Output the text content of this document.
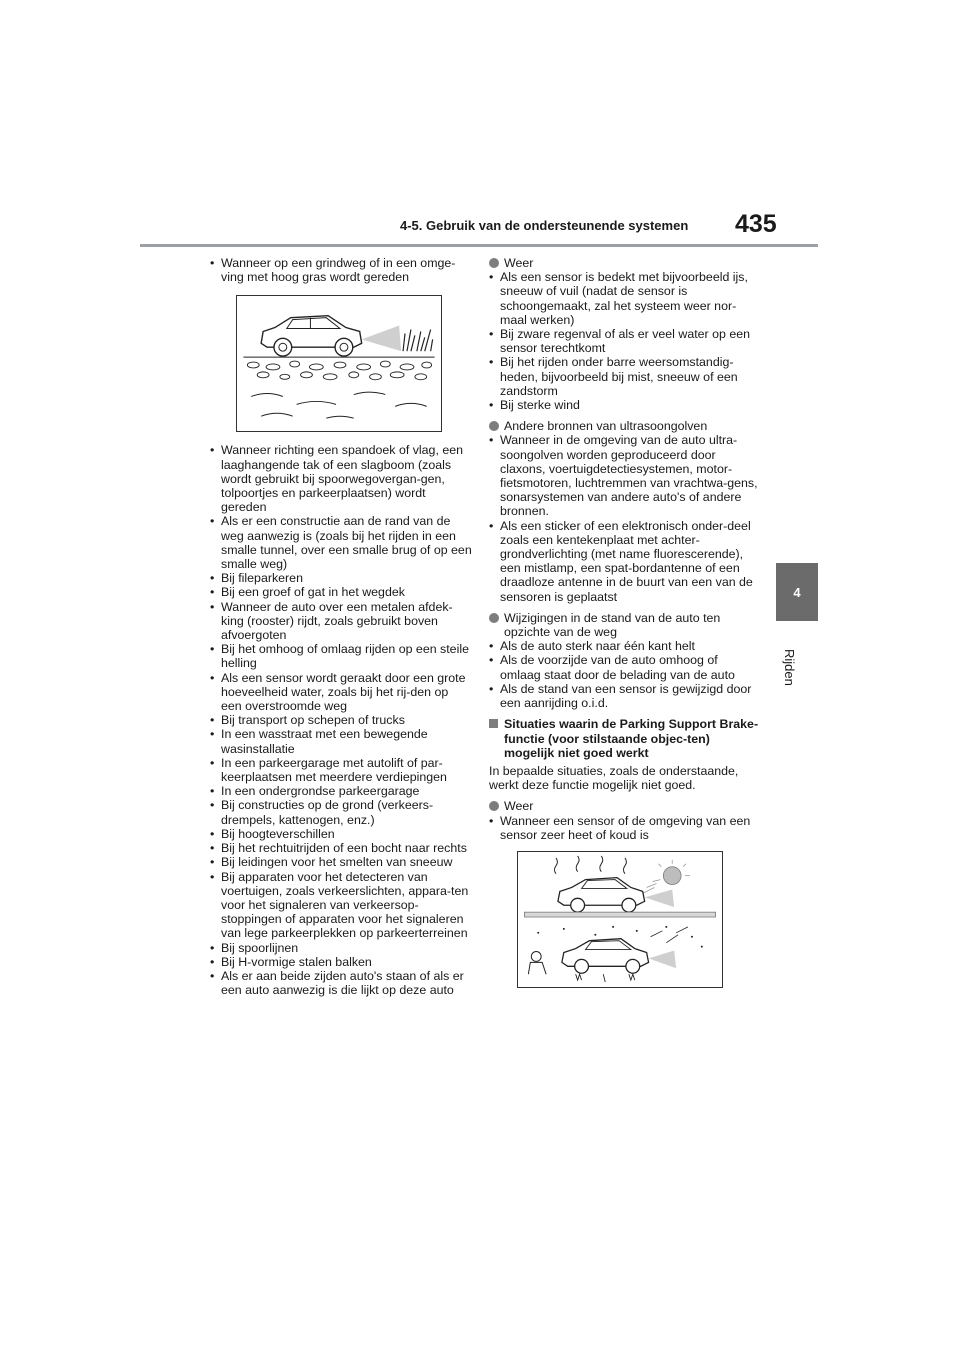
4-5. Gebruik van de ondersteunende systemen 435
4
Rijden
• Wanneer op een grindweg of in een omge-ving met hoog gras wordt gereden
• Wanneer richting een spandoek of vlag, een laaghangende tak of een slagboom (zoals wordt gebruikt bij spoorwegovergan-gen, tolpoortjes en parkeerplaatsen) wordt gereden
• Als er een constructie aan de rand van de weg aanwezig is (zoals bij het rijden in een smalle tunnel, over een smalle brug of op een smalle weg)
• Bij fileparkeren
• Bij een groef of gat in het wegdek
• Wanneer de auto over een metalen afdek-king (rooster) rijdt, zoals gebruikt boven afvoergoten
• Bij het omhoog of omlaag rijden op een steile helling
• Als een sensor wordt geraakt door een grote hoeveelheid water, zoals bij het rij-den op een overstroomde weg
• Bij transport op schepen of trucks
• In een wasstraat met een bewegende wasinstallatie
• In een parkeergarage met autolift of par-keerplaatsen met meerdere verdiepingen
• In een ondergrondse parkeergarage
• Bij constructies op de grond (verkeers-drempels, kattenogen, enz.)
• Bij hoogteverschillen
• Bij het rechtuitrijden of een bocht naar rechts
• Bij leidingen voor het smelten van sneeuw
• Bij apparaten voor het detecteren van voertuigen, zoals verkeerslichten, appara-ten voor het signaleren van verkeersop-stoppingen of apparaten voor het signaleren van lege parkeerplekken op parkeerterreinen
• Bij spoorlijnen
• Bij H-vormige stalen balken
• Als er aan beide zijden auto's staan of als er een auto aanwezig is die lijkt op deze auto

Weer

• Als een sensor is bedekt met bijvoorbeeld ijs, sneeuw of vuil (nadat de sensor is schoongemaakt, zal het systeem weer nor-maal werken)
• Bij zware regenval of als er veel water op een sensor terechtkomt
• Bij het rijden onder barre weersomstandig-heden, bijvoorbeeld bij mist, sneeuw of een zandstorm
• Bij sterke wind

Andere bronnen van ultrasoongolven

• Wanneer in de omgeving van de auto ultra-soongolven worden geproduceerd door claxons, voertuigdetectiesystemen, motor-fietsmotoren, luchtremmen van vrachtwa-gens, sonarsystemen van andere auto's of andere bronnen.
• Als een sticker of een elektronisch onder-deel zoals een kentekenplaat met achter-grondverlichting (met name fluorescerende), een mistlamp, een spat-bordantenne of een draadloze antenne in de buurt van een van de sensoren is geplaatst

Wijzigingen in de stand van de auto ten opzichte van de weg

• Als de auto sterk naar één kant helt
• Als de voorzijde van de auto omhoog of omlaag staat door de belading van de auto
• Als de stand van een sensor is gewijzigd door een aanrijding o.i.d.

Situaties waarin de Parking Support Brake-functie (voor stilstaande objec-ten) mogelijk niet goed werkt

In bepaalde situaties, zoals de onderstaande, werkt deze functie mogelijk niet goed.

Weer

• Wanneer een sensor of de omgeving van een sensor zeer heet of koud is
